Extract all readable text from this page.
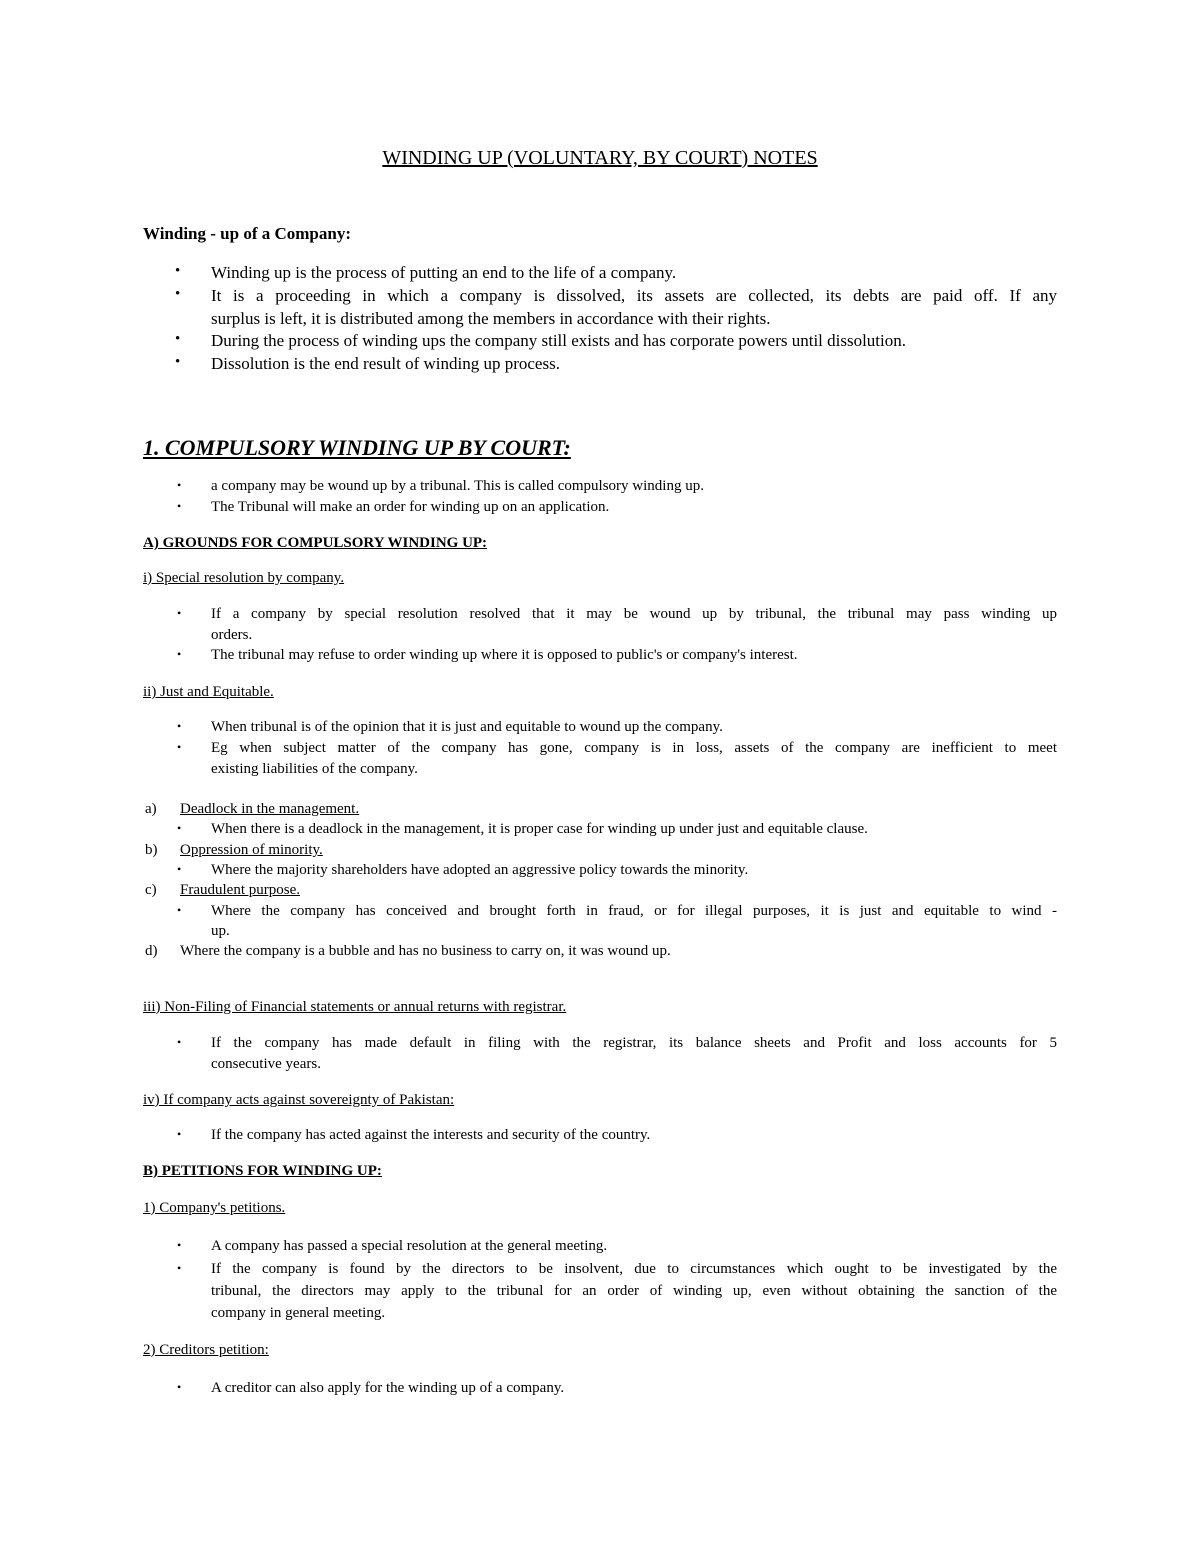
WINDING UP (VOLUNTARY, BY COURT) NOTES
Winding - up of a Company:
• Winding up is the process of putting an end to the life of a company.
• It is a proceeding in which a company is dissolved, its assets are collected, its debts are paid off. If any
surplus is left, it is distributed among the members in accordance with their rights.
• During the process of winding ups the company still exists and has corporate powers until dissolution.
• Dissolution is the end result of winding up process.
1. COMPULSORY WINDING UP BY COURT:
• a company may be wound up by a tribunal. This is called compulsory winding up.
• The Tribunal will make an order for winding up on an application.
A) GROUNDS FOR COMPULSORY WINDING UP:
i) Special resolution by company.
• If a company by special resolution resolved that it may be wound up by tribunal, the tribunal may pass winding up
orders.
• The tribunal may refuse to order winding up where it is opposed to public's or company's interest.
ii) Just and Equitable.
• When tribunal is of the opinion that it is just and equitable to wound up the company.
• Eg when subject matter of the company has gone, company is in loss, assets of the company are inefficient to meet
existing liabilities of the company.
a) Deadlock in the management.
• When there is a deadlock in the management, it is proper case for winding up under just and equitable clause.
b) Oppression of minority.
• Where the majority shareholders have adopted an aggressive policy towards the minority.
c) Fraudulent purpose.
• Where the company has conceived and brought forth in fraud, or for illegal purposes, it is just and equitable to wind -
up.
d) Where the company is a bubble and has no business to carry on, it was wound up.
iii) Non-Filing of Financial statements or annual returns with registrar.
• If the company has made default in filing with the registrar, its balance sheets and Profit and loss accounts for 5
consecutive years.
iv) If company acts against sovereignty of Pakistan:
• If the company has acted against the interests and security of the country.
B) PETITIONS FOR WINDING UP:
1) Company's petitions.
• A company has passed a special resolution at the general meeting.
• If the company is found by the directors to be insolvent, due to circumstances which ought to be investigated by the
tribunal, the directors may apply to the tribunal for an order of winding up, even without obtaining the sanction of the
company in general meeting.
2) Creditors petition:
• A creditor can also apply for the winding up of a company.
